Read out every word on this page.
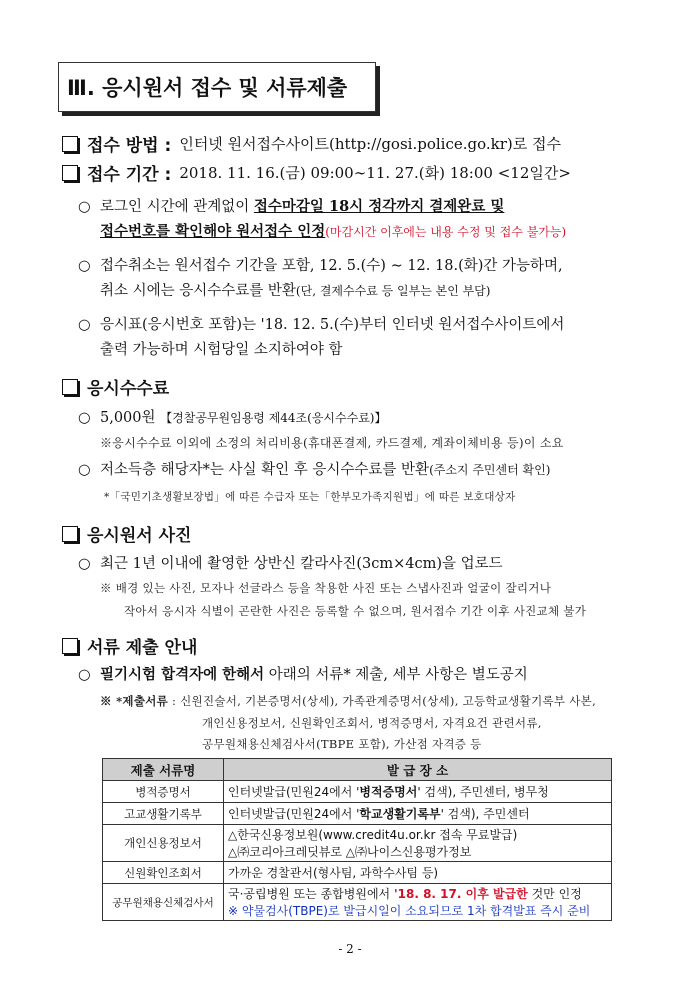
Ⅲ. 응시원서 접수 및 서류제출
접수 방법 : 인터넷 원서접수사이트(http://gosi.police.go.kr)로 접수
접수 기간 : 2018. 11. 16.(금) 09:00∼11. 27.(화) 18:00 <12일간>
○ 로그인 시간에 관계없이 접수마감일 18시 정각까지 결제완료 및
접수번호를 확인해야 원서접수 인정(마감시간 이후에는 내용 수정 및 접수 불가능)
○ 접수취소는 원서접수 기간을 포함, 12. 5.(수) ∼ 12. 18.(화)간 가능하며,
취소 시에는 응시수수료를 반환(단, 결제수수료 등 일부는 본인 부담)
○ 응시표(응시번호 포함)는 '18. 12. 5.(수)부터 인터넷 원서접수사이트에서
출력 가능하며 시험당일 소지하여야 함
응시수수료
○ 5,000원 【경찰공무원임용령 제44조(응시수수료)】
※응시수수료 이외에 소정의 처리비용(휴대폰결제, 카드결제, 계좌이체비용 등)이 소요
○ 저소득층 해당자*는 사실 확인 후 응시수수료를 반환(주소지 주민센터 확인)
*「국민기초생활보장법」에 따른 수급자 또는「한부모가족지원법」에 따른 보호대상자
응시원서 사진
○ 최근 1년 이내에 촬영한 상반신 칼라사진(3cm×4cm)을 업로드
※ 배경 있는 사진, 모자나 선글라스 등을 착용한 사진 또는 스냅사진과 얼굴이 잘리거나
작아서 응시자 식별이 곤란한 사진은 등록할 수 없으며, 원서접수 기간 이후 사진교체 불가
서류 제출 안내
○ 필기시험 합격자에 한해서 아래의 서류* 제출, 세부 사항은 별도공지
※ *제출서류 : 신원진술서, 기본증명서(상세), 가족관계증명서(상세), 고등학교생활기록부 사본,
개인신용정보서, 신원확인조회서, 병적증명서, 자격요건 관련서류,
공무원채용신체검사서(TBPE 포함), 가산점 자격증 등
제출 서류명	발 급 장 소
병적증명서	인터넷발급(민원24에서 '병적증명서' 검색), 주민센터, 병무청
고교생활기록부	인터넷발급(민원24에서 '학교생활기록부' 검색), 주민센터
개인신용정보서	△한국신용정보원(www.credit4u.or.kr 접속 무료발급)
△㈜코리아크레딧뷰로 △㈜나이스신용평가정보

신원확인조회서	가까운 경찰관서(형사팀, 과학수사팀 등)
공무원채용신체검사서	국·공립병원 또는 종합병원에서 '18. 8. 17. 이후 발급한 것만 인정
※ 약물검사(TBPE)로 발급시일이 소요되므로 1차 합격발표 즉시 준비
- 2 -
